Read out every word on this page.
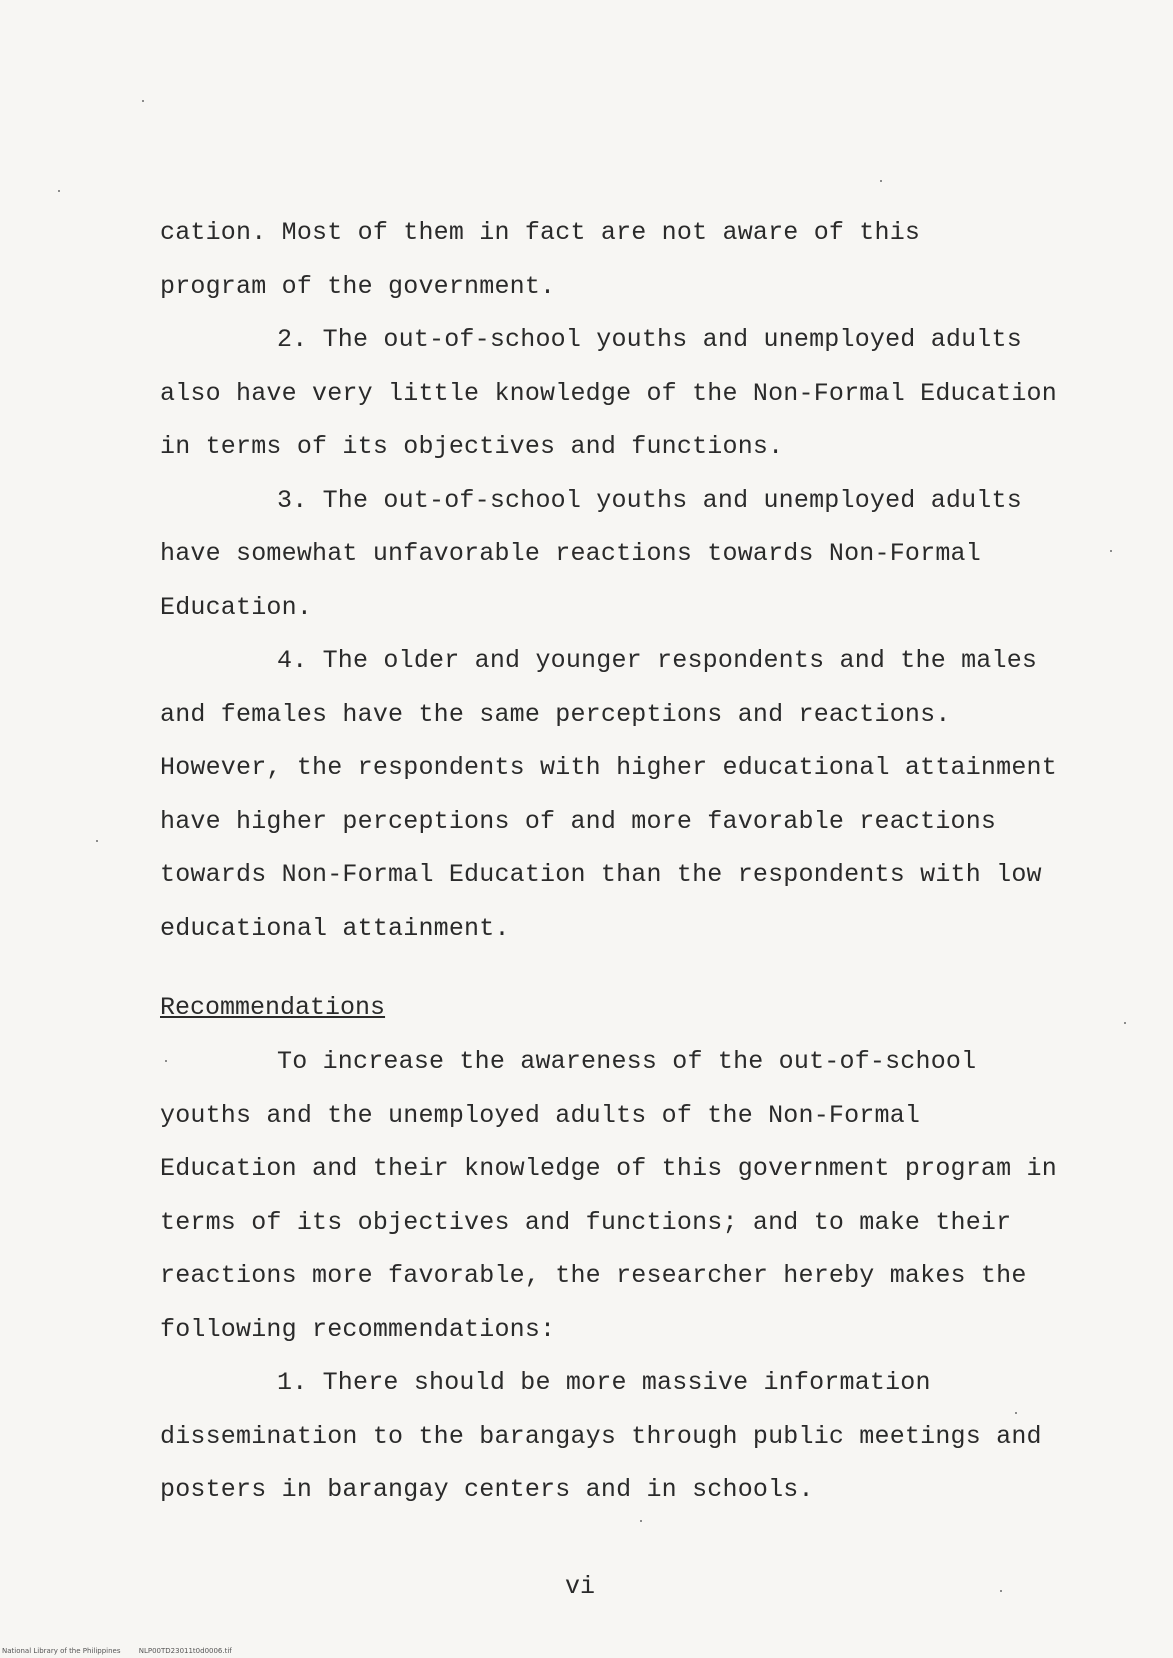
cation. Most of them in fact are not aware of this

program of the government.

2. The out-of-school youths and unemployed adults also have very little knowledge of the Non-Formal Education in terms of its objectives and functions.

3. The out-of-school youths and unemployed adults have somewhat unfavorable reactions towards Non-Formal Education.

4. The older and younger respondents and the males and females have the same perceptions and reactions. However, the respondents with higher educational attainment have higher perceptions of and more favorable reactions towards Non-Formal Education than the respondents with low educational attainment.

Recommendations

To increase the awareness of the out-of-school youths and the unemployed adults of the Non-Formal Education and their knowledge of this government program in terms of its objectives and functions; and to make their reactions more favorable, the researcher hereby makes the following recommendations:

1. There should be more massive information dissemination to the barangays through public meetings and posters in barangay centers and in schools.

vi
National Library of the Philippines	NLP00TD23011t0d0006.tif
